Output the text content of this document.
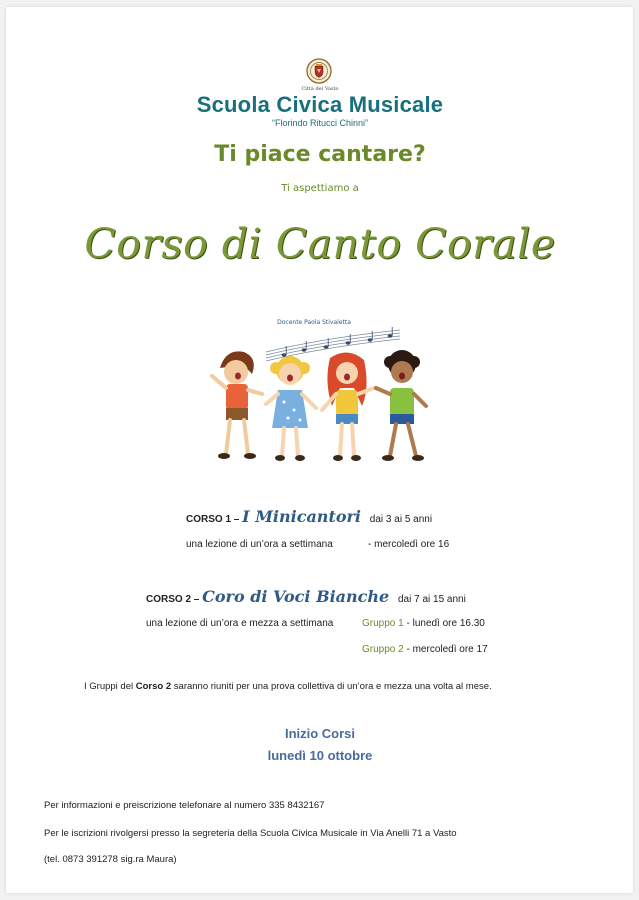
Città del Vasto
Scuola Civica Musicale
“Florindo Ritucci Chinni”
Ti piace cantare?
Ti aspettiamo a
Corso di Canto Corale
Docente Paola Stivaletta
CORSO 1 – I Minicantori dai 3 ai 5 anni
una lezione di un’ora a settimana	- mercoledì ore 16
CORSO 2 – Coro di Voci Bianche dai 7 ai 15 anni
una lezione di un’ora e mezza a settimana	Gruppo 1 - lunedì ore 16.30
Gruppo 2 - mercoledì ore 17
I Gruppi del Corso 2 saranno riuniti per una prova collettiva di un’ora e mezza una volta al mese.
Inizio Corsi
lunedì 10 ottobre
Per informazioni e preiscrizione telefonare al numero 335 8432167
Per le iscrizioni rivolgersi presso la segreteria della Scuola Civica Musicale in Via Anelli 71 a Vasto
(tel. 0873 391278 sig.ra Maura)
